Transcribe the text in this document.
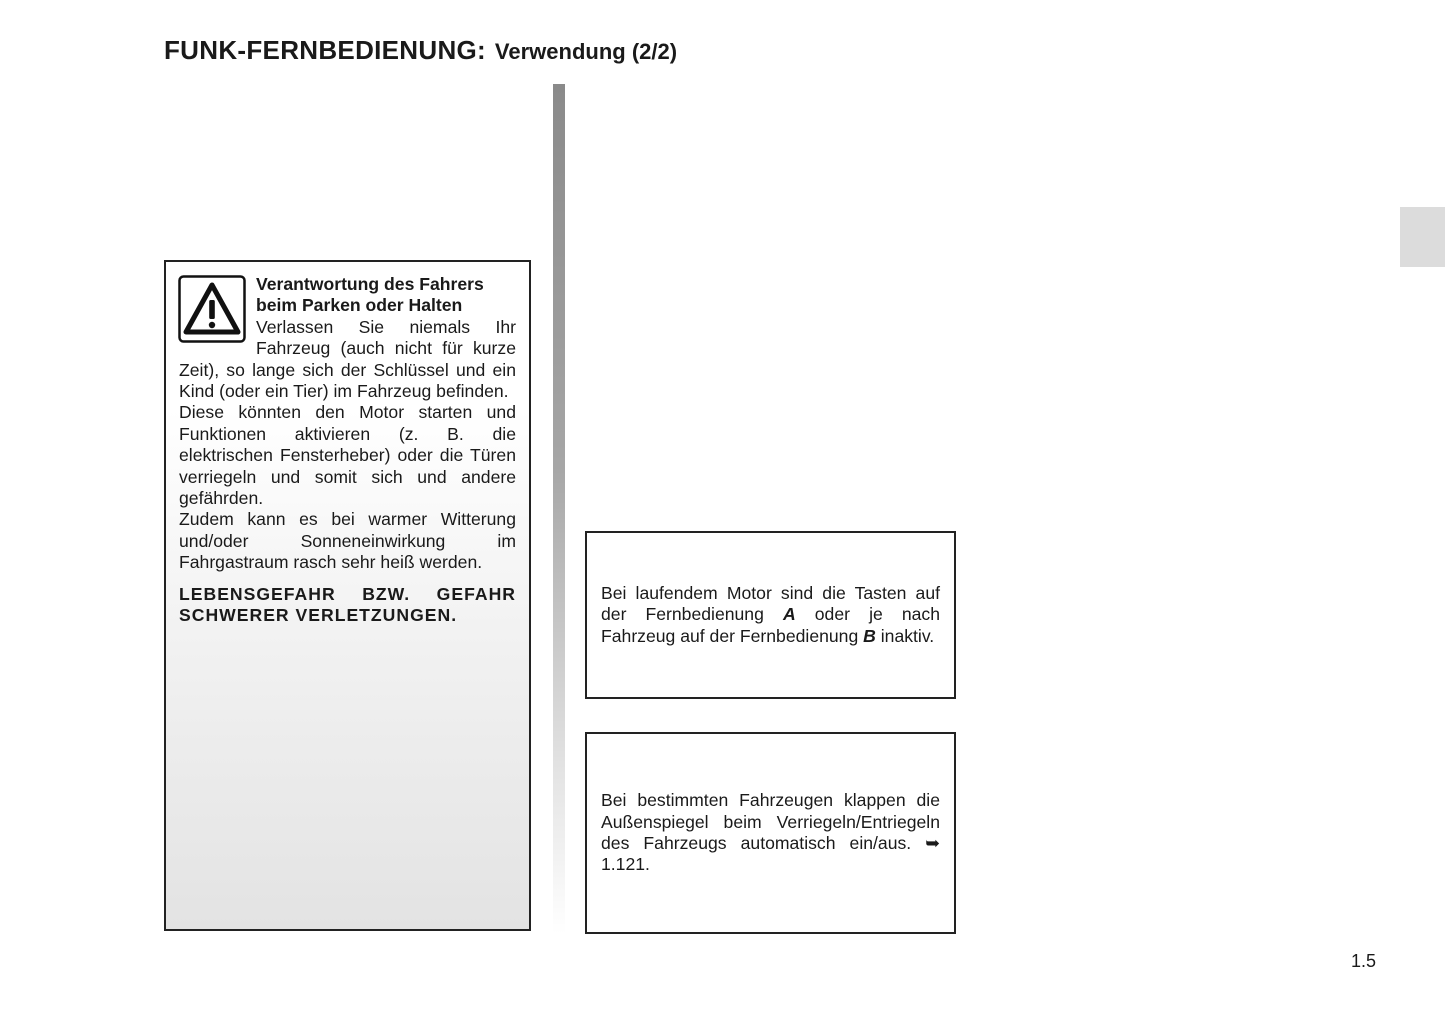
FUNK-FERNBEDIENUNG: Verwendung (2/2)

Verantwortung des Fahrers
beim Parken oder Halten

Verlassen Sie niemals Ihr Fahrzeug (auch nicht für kurze Zeit), so lange sich der Schlüssel und ein Kind (oder ein Tier) im Fahrzeug befinden.

Diese könnten den Motor starten und Funktionen aktivieren (z. B. die elektrischen Fensterheber) oder die Türen verriegeln und somit sich und andere gefährden.

Zudem kann es bei warmer Witterung und/oder Sonneneinwirkung im Fahrgastraum rasch sehr heiß werden.

LEBENSGEFAHR BZW. GEFAHR SCHWERER VERLETZUNGEN.

Bei laufendem Motor sind die Tasten auf der Fernbedienung A oder je nach Fahrzeug auf der Fernbedienung B inaktiv.

Bei bestimmten Fahrzeugen klappen die Außenspiegel beim Verriegeln/Entriegeln des Fahrzeugs automatisch ein/aus. ➥ 1.121.

1.5
